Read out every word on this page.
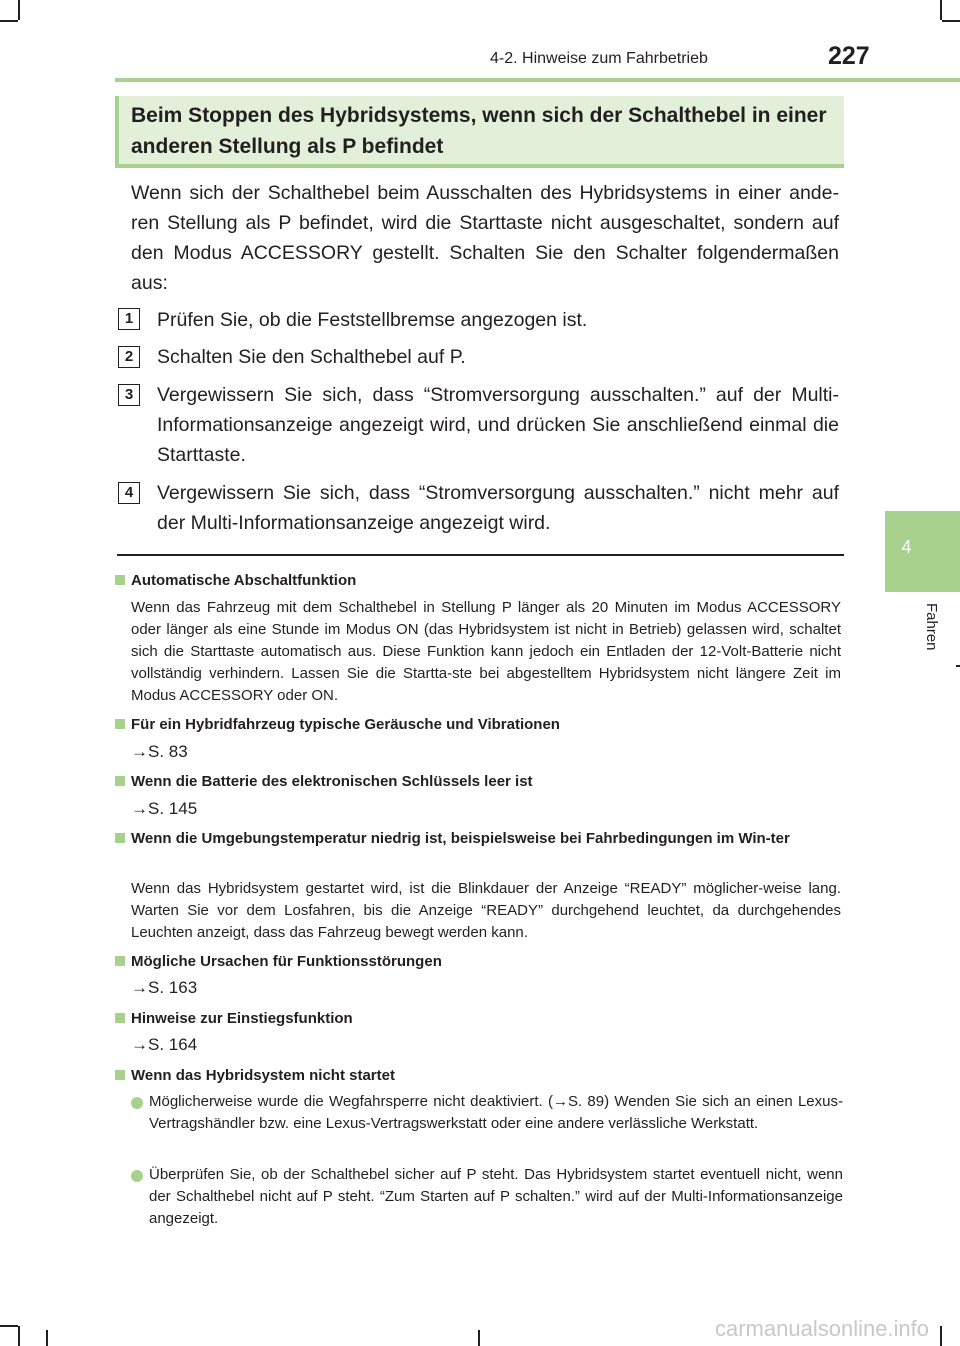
4-2. Hinweise zum Fahrbetrieb	227
4
Fahren
Beim Stoppen des Hybridsystems, wenn sich der Schalthebel in einer anderen Stellung als P befindet
Wenn sich der Schalthebel beim Ausschalten des Hybridsystems in einer ande-ren Stellung als P befindet, wird die Starttaste nicht ausgeschaltet, sondern auf den Modus ACCESSORY gestellt. Schalten Sie den Schalter folgendermaßen aus:
1	Prüfen Sie, ob die Feststellbremse angezogen ist.
2	Schalten Sie den Schalthebel auf P.
3	Vergewissern Sie sich, dass “Stromversorgung ausschalten.” auf der Multi-Informationsanzeige angezeigt wird, und drücken Sie anschließend einmal die Starttaste.
4	Vergewissern Sie sich, dass “Stromversorgung ausschalten.” nicht mehr auf der Multi-Informationsanzeige angezeigt wird.
Automatische Abschaltfunktion
Wenn das Fahrzeug mit dem Schalthebel in Stellung P länger als 20 Minuten im Modus ACCESSORY oder länger als eine Stunde im Modus ON (das Hybridsystem ist nicht in Betrieb) gelassen wird, schaltet sich die Starttaste automatisch aus. Diese Funktion kann jedoch ein Entladen der 12-Volt-Batterie nicht vollständig verhindern. Lassen Sie die Startta-ste bei abgestelltem Hybridsystem nicht längere Zeit im Modus ACCESSORY oder ON.
Für ein Hybridfahrzeug typische Geräusche und Vibrationen
→S. 83
Wenn die Batterie des elektronischen Schlüssels leer ist
→S. 145
Wenn die Umgebungstemperatur niedrig ist, beispielsweise bei Fahrbedingungen im Win-ter
Wenn das Hybridsystem gestartet wird, ist die Blinkdauer der Anzeige “READY” möglicher-weise lang. Warten Sie vor dem Losfahren, bis die Anzeige “READY” durchgehend leuchtet, da durchgehendes Leuchten anzeigt, dass das Fahrzeug bewegt werden kann.
Mögliche Ursachen für Funktionsstörungen
→S. 163
Hinweise zur Einstiegsfunktion
→S. 164
Wenn das Hybridsystem nicht startet
Möglicherweise wurde die Wegfahrsperre nicht deaktiviert. (→S. 89) Wenden Sie sich an einen Lexus-Vertragshändler bzw. eine Lexus-Vertragswerkstatt oder eine andere verlässliche Werkstatt.
Überprüfen Sie, ob der Schalthebel sicher auf P steht. Das Hybridsystem startet eventuell nicht, wenn der Schalthebel nicht auf P steht. “Zum Starten auf P schalten.” wird auf der Multi-Informationsanzeige angezeigt.
carmanualsonline.info
